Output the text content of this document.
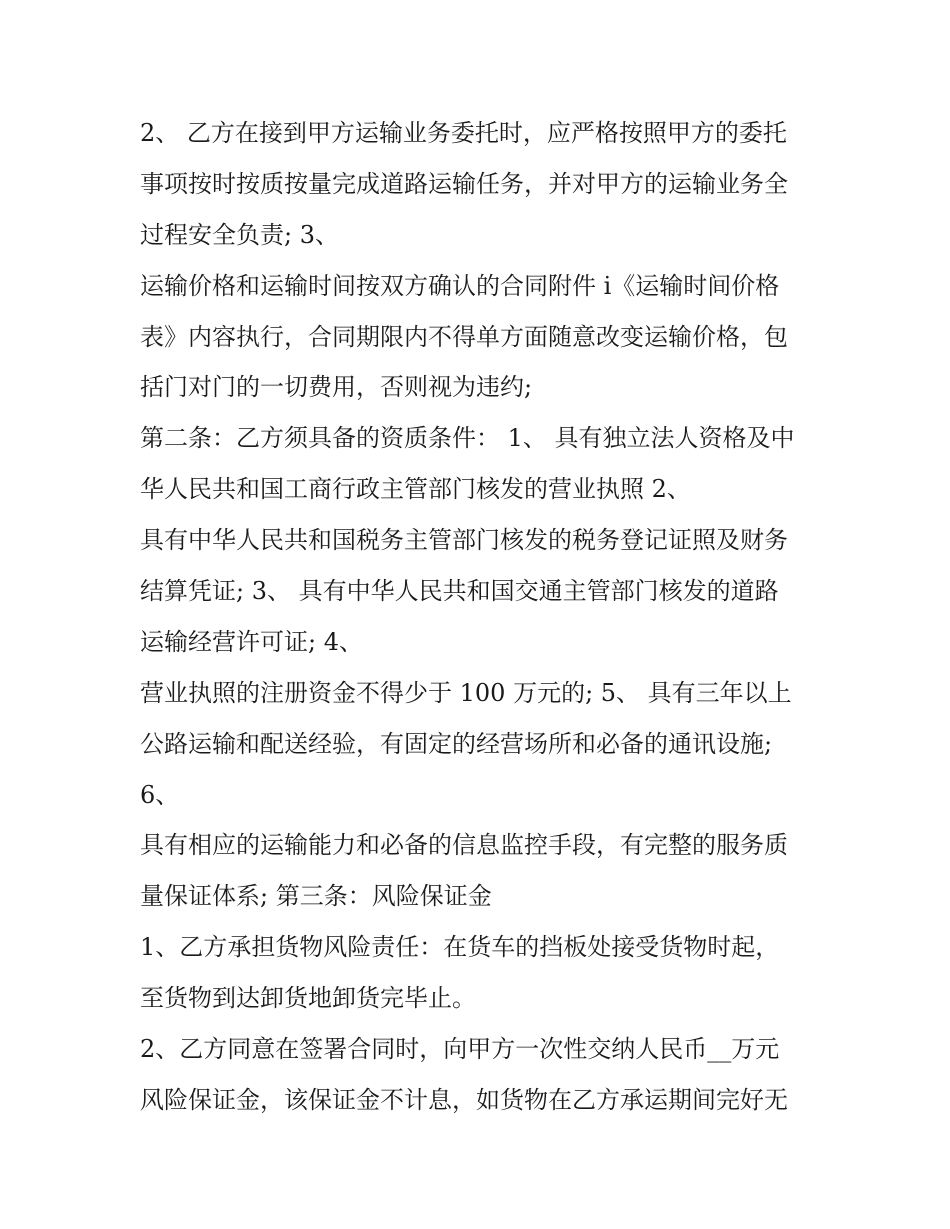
2、 乙方在接到甲方运输业务委托时，应严格按照甲方的委托
事项按时按质按量完成道路运输任务，并对甲方的运输业务全
过程安全负责; 3、
运输价格和运输时间按双方确认的合同附件 i《运输时间价格
表》内容执行，合同期限内不得单方面随意改变运输价格，包
括门对门的一切费用，否则视为违约;
第二条：乙方须具备的资质条件： 1、 具有独立法人资格及中
华人民共和国工商行政主管部门核发的营业执照 2、
具有中华人民共和国税务主管部门核发的税务登记证照及财务
结算凭证; 3、 具有中华人民共和国交通主管部门核发的道路
运输经营许可证; 4、
营业执照的注册资金不得少于 100 万元的; 5、 具有三年以上
公路运输和配送经验，有固定的经营场所和必备的通讯设施;
6、
具有相应的运输能力和必备的信息监控手段，有完整的服务质
量保证体系; 第三条：风险保证金
1、乙方承担货物风险责任：在货车的挡板处接受货物时起，
至货物到达卸货地卸货完毕止。
2、乙方同意在签署合同时，向甲方一次性交纳人民币__万元
风险保证金，该保证金不计息，如货物在乙方承运期间完好无
